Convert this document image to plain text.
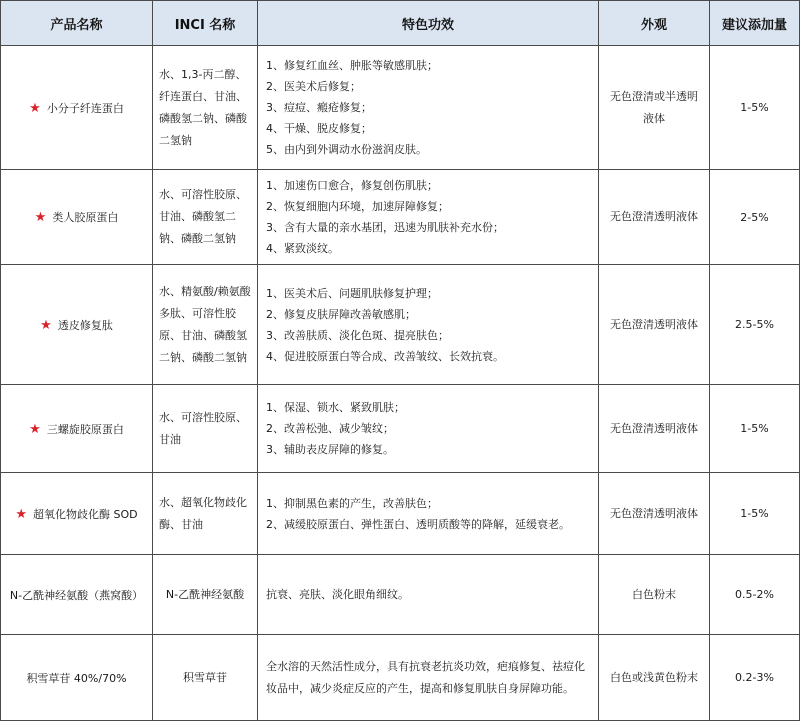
产品名称	INCI 名称	特色功效	外观	建议添加量
★ 小分子纤连蛋白	水、1,3-丙二醇、纤连蛋白、甘油、磷酸氢二钠、磷酸二氢钠	1、修复红血丝、肿胀等敏感肌肤；
2、医美术后修复；
3、痘痘、瘢疮修复；
4、干燥、脱皮修复；
5、由内到外调动水份滋润皮肤。	无色澄清或半透明液体	1-5%
★ 类人胶原蛋白	水、可溶性胶原、甘油、磷酸氢二钠、磷酸二氢钠	1、加速伤口愈合，修复创伤肌肤；
2、恢复细胞内环境，加速屏障修复；
3、含有大量的亲水基团，迅速为肌肤补充水份；
4、紧致淡纹。	无色澄清透明液体	2-5%
★ 透皮修复肽	水、精氨酸/赖氨酸多肽、可溶性胶原、甘油、磷酸氢二钠、磷酸二氢钠	1、医美术后、问题肌肤修复护理；
2、修复皮肤屏障改善敏感肌；
3、改善肤质、淡化色斑、提亮肤色；
4、促进胶原蛋白等合成、改善皱纹、长效抗衰。	无色澄清透明液体	2.5-5%
★ 三螺旋胶原蛋白	水、可溶性胶原、甘油	1、保湿、锁水、紧致肌肤；
2、改善松弛、减少皱纹；
3、辅助表皮屏障的修复。	无色澄清透明液体	1-5%
★ 超氧化物歧化酶 SOD	水、超氧化物歧化酶、甘油	1、抑制黑色素的产生，改善肤色；
2、减缓胶原蛋白、弹性蛋白、透明质酸等的降解，延缓衰老。	无色澄清透明液体	1-5%
N-乙酰神经氨酸（燕窝酸）	N-乙酰神经氨酸	抗衰、亮肤、淡化眼角细纹。	白色粉末	0.5-2%
积雪草苷 40%/70%	积雪草苷	全水溶的天然活性成分，具有抗衰老抗炎功效，疤痕修复、祛痘化妆品中，减少炎症反应的产生，提高和修复肌肤自身屏障功能。	白色或浅黄色粉末	0.2-3%
